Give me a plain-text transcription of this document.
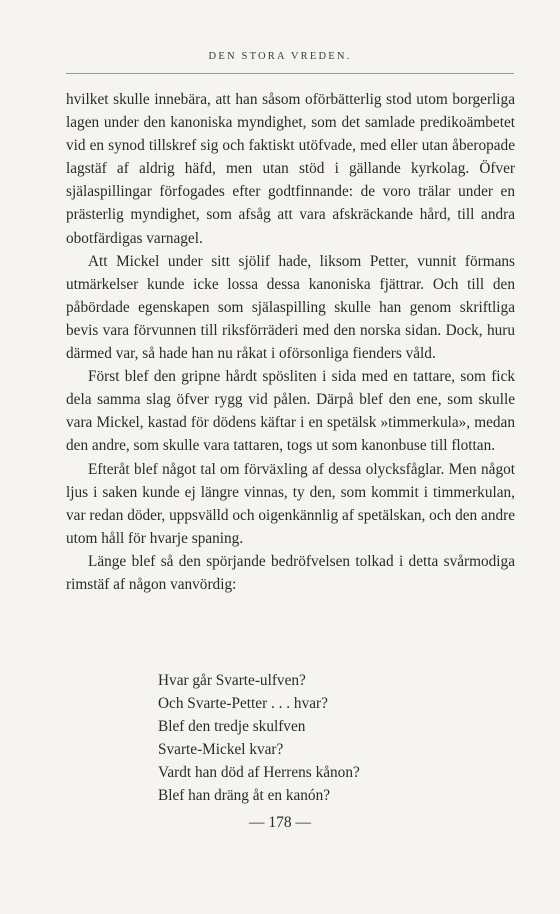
DEN STORA VREDEN.

hvilket skulle innebära, att han såsom oförbätterlig stod utom borgerliga lagen under den kanoniska myndighet, som det samlade predikoämbetet vid en synod tillskref sig och faktiskt utöfvade, med eller utan åberopade lagstäf af aldrig häfd, men utan stöd i gällande kyrkolag. Öfver själaspillingar förfogades efter godtfinnande: de voro trälar under en prästerlig myndighet, som afsåg att vara afskräckande hård, till andra obotfärdigas varnagel.

Att Mickel under sitt sjölif hade, liksom Petter, vunnit förmans utmärkelser kunde icke lossa dessa kanoniska fjättrar. Och till den påbördade egenskapen som själaspilling skulle han genom skriftliga bevis vara förvunnen till riksförräderi med den norska sidan. Dock, huru därmed var, så hade han nu råkat i oförsonliga fienders våld.

Först blef den gripne hårdt spösliten i sida med en tattare, som fick dela samma slag öfver rygg vid pålen. Därpå blef den ene, som skulle vara Mickel, kastad för dödens käftar i en spetälsk »timmerkula», medan den andre, som skulle vara tattaren, togs ut som kanonbuse till flottan.

Efteråt blef något tal om förväxling af dessa olycksfåglar. Men något ljus i saken kunde ej längre vinnas, ty den, som kommit i timmerkulan, var redan döder, uppsvälld och oigenkännlig af spetälskan, och den andre utom håll för hvarje spaning.

Länge blef så den spörjande bedröfvelsen tolkad i detta svårmodiga rimstäf af någon vanvördig:

Hvar går Svarte-ulfven?
Och Svarte-Petter . . . hvar?
Blef den tredje skulfven
Svarte-Mickel kvar?
Vardt han död af Herrens kånon?
Blef han dräng åt en kanón?
— 178 —
